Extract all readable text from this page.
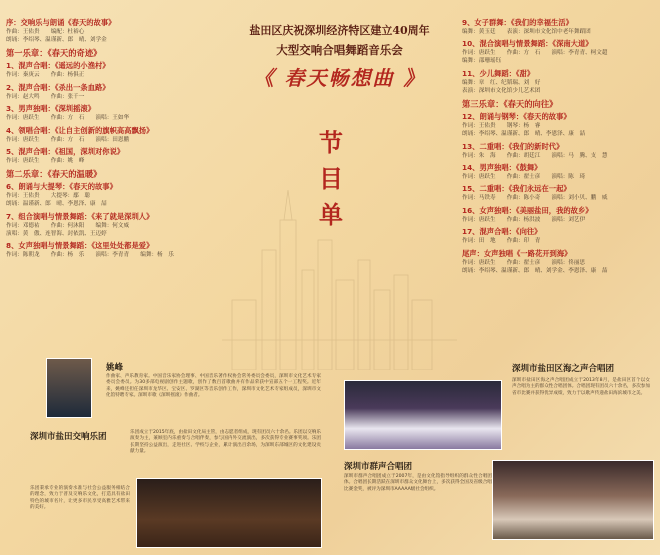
盐田区庆祝深圳经济特区建立40周年
大型交响合唱舞蹈音乐会
《 春天畅想曲 》
节
目
单
序：交响乐与朗诵《春天的故事》
作曲：王佑贵　　编配：杜裕心
朗诵：李绍琴、温谨新、郎　晴、刘学金
第一乐章：《春天的奇迹》
1、混声合唱：《遥远的小渔村》
作词：秦庚云　　作曲：杨俱正
2、混声合唱：《杀出一条血路》
作词：赵大鸣　　作曲：张千一
3、男声独唱：《深圳摇滚》
作词：唐跃生　　作曲：方　石　　演唱：王如华
4、领唱合唱：《让自主创新的旗帜高高飘扬》
作词：唐跃生　　作曲：方　石　　演唱：田恩鹏
5、混声合唱：《祖国，深圳对你说》
作词：唐跃生　　作曲：姚　峰
第二乐章：《春天的温暖》
6、朗诵与大提琴：《春天的故事》
作词：王佑贵　　大提琴：鄢　聪
朗诵：温谨新、郎　晴、李恩泽、康　喆
7、组合演唱与情景舞蹈：《来了就是深圳人》
作词：邓德祐　　作曲：何沐阳　　编舞：何文威
演唱：黄　傲、连智海、封依凯、王迈婷
8、女声独唱与情景舞蹈：《这里处处都是爱》
作词：陈朝龙　　作曲：杨　乐　　演唱：李青青　　编舞：杨　乐
9、女子群舞：《我们的幸福生活》
编舞：黄玉廷　　表演：深圳市文化馆中老年舞蹈团
10、混合演唱与情景舞蹈：《深南大道》
作词：唐跃生　　作曲：方　石　　演唱：李青青、柯文超
编舞：邵珊瑶钰
11、少儿舞蹈：《甜》
编舞：章　红、纪韬瑞、刘　好
表演：深圳市文化馆少儿艺术团
第三乐章：《春天的向往》
12、朗诵与钢琴：《春天的故事》
作词：王佑贵　　钢琴：杨　睿
朗诵：李绍琴、温谨新、郎　晴、李恩泽、康　喆
13、二重唱：《我们的新时代》
作词：朱　海　　作曲：胡廷江　　演唱：马　腾、支　慧
14、男声独唱：《鼓舞》
作词：唐跃生　　作曲：翟士彦　　演唱：陈　琦
15、二重唱：《我们永远在一起》
作词：马铁寿　　作曲：陈小奇　　演唱：刘小贝、鹏　威
16、女声独唱：《美丽盐田，我的故乡》
作词：唐跃生　　作曲：杨洪波　　演唱：刘艺伊
17、混声合唱：《向往》
作词：田　地　　作曲：印　青
尾声：女声独唱《一路花开到海》
作词：唐跃生　　作曲：翟士彦　　演唱：佟丽思
朗诵：李绍琴、温谨新、郎　晴、刘学金、李恩泽、康　喆
姚峰
作曲家、声乐教育家。中国音乐家协会理事、中国音乐著作权协会常务委员会委员，深圳市文化艺术专家委员会委员。为30多部电视剧创作主题歌，创作了数百首歌曲并有作品荣获中宣部五个一工程奖。近年来，姚峰还担任深圳市龙华区、宝安区、罗湖区等音乐创作工作，深圳市文化艺术专家组成员，深圳市文化馆特聘专家。深圳市歌《深圳摇滚》作曲者。
深圳市盐田交响乐团	乐团成立于2015年底，由盐田文化局主管，由志愿者组成，现有团员六十余名。乐团以交响乐演奏为主，兼顾室内乐重奏与合唱伴奏，参与国内外交流演出，多次获得专业赛事奖项。乐团长期坚持公益演出，走进社区、学校与企业，累计演出百余场，为深圳东部城区的文化建设贡献力量。
乐团秉承专业的演奏水准与社会公益服务相结合的理念，致力于普及交响乐文化，打造具有盐田特色的城市名片，让更多市民享受高雅艺术带来的美好。
深圳市盐田区海之声合唱团
深圳市盐田区海之声合唱团成立于2013年8月，是盐田区首个以女声合唱为主的群众性合唱团体。合唱团现有团员六十余名，多次参加省市比赛并获得优异成绩，致力于以歌声传递盐田海滨城市之美。
深圳市群声合唱团
深圳市群声合唱团成立于2007年，是由文化馆指导组织的群众性合唱团体。合唱团长期活跃在深圳市群众文化舞台上，多次获得全国及省级合唱比赛金奖，被评为深圳市AAAAA级社会组织。
